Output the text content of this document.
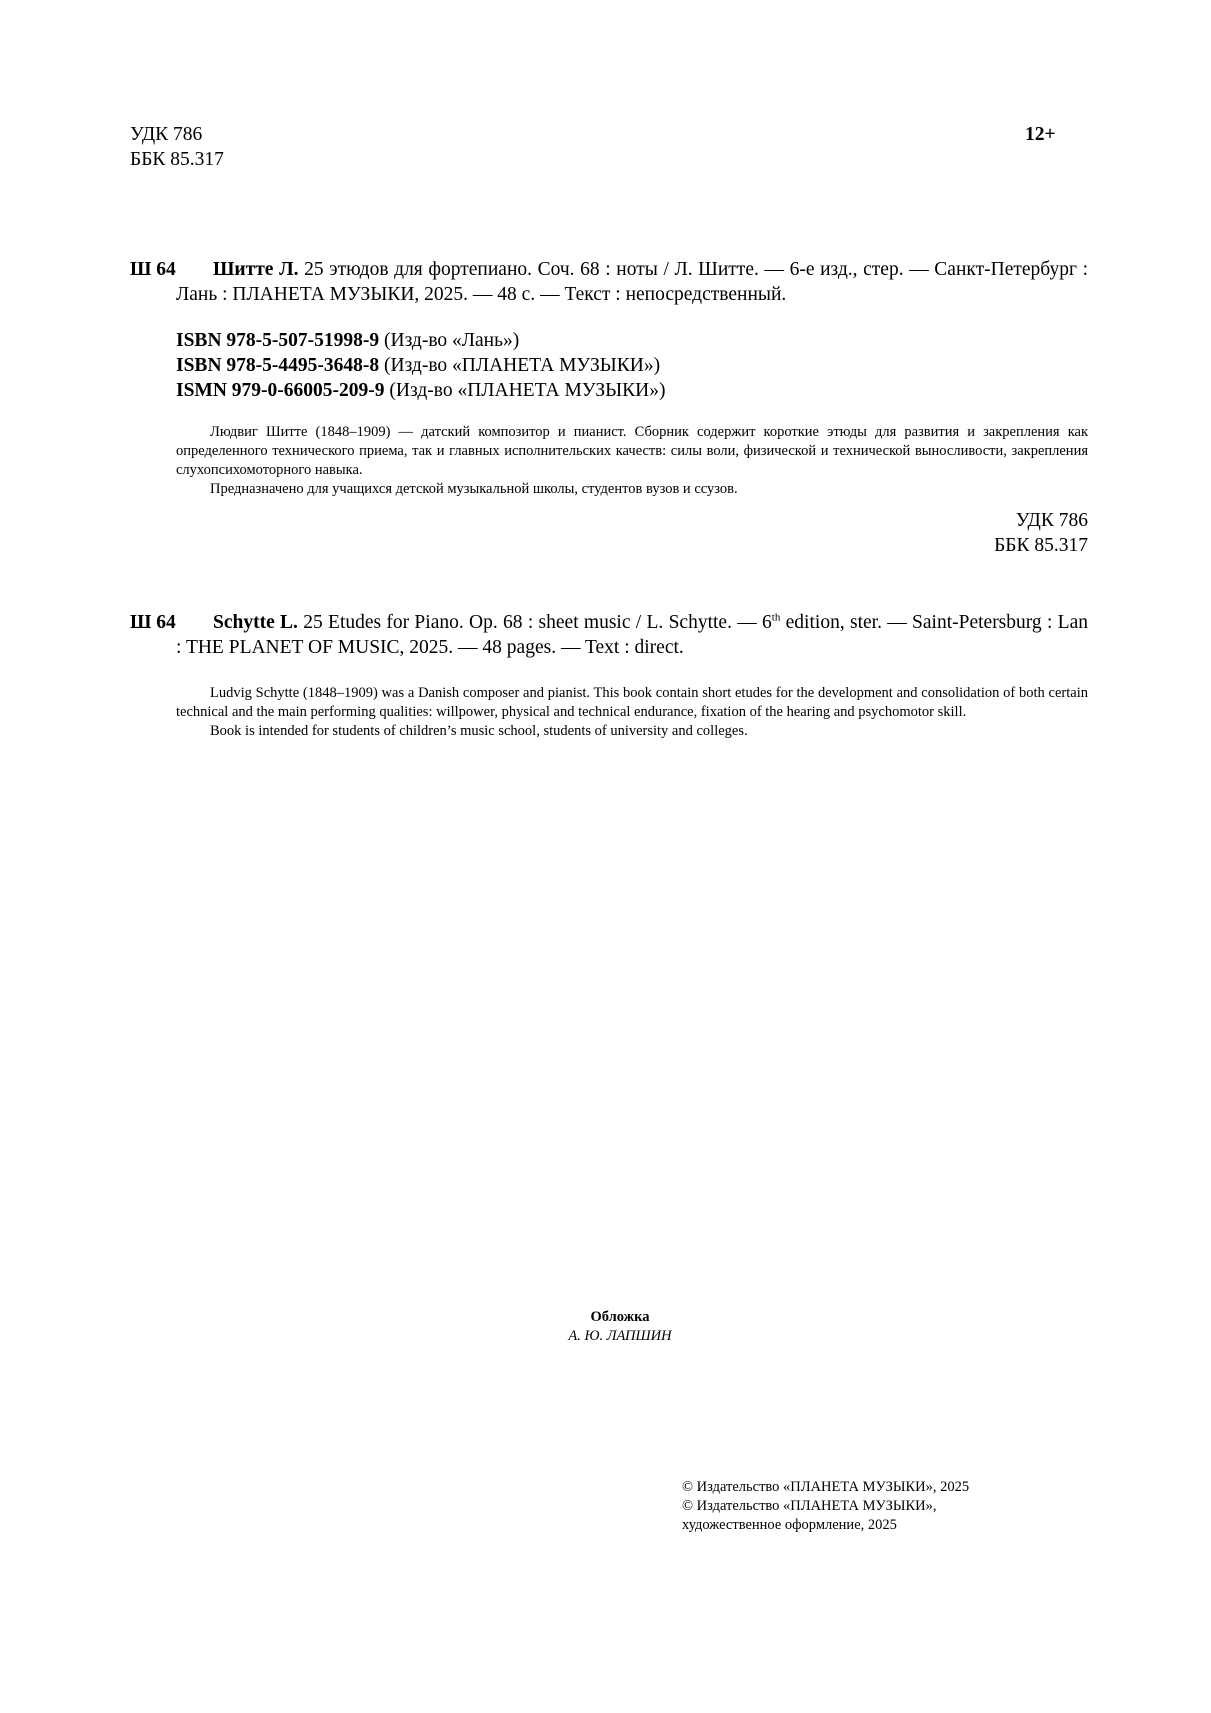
УДК 786
ББК 85.317
12+
Ш 64	Шитте Л. 25 этюдов для фортепиано. Соч. 68 : ноты / Л. Шитте. — 6-е изд., стер. — Санкт-Петербург : Лань : ПЛАНЕТА МУЗЫКИ, 2025. — 48 с. — Текст : непосредственный.
ISBN 978-5-507-51998-9 (Изд-во «Лань»)
ISBN 978-5-4495-3648-8 (Изд-во «ПЛАНЕТА МУЗЫКИ»)
ISMN 979-0-66005-209-9 (Изд-во «ПЛАНЕТА МУЗЫКИ»)

Людвиг Шитте (1848–1909) — датский композитор и пианист. Сборник содержит короткие этюды для развития и закрепления как определенного технического приема, так и главных исполнительских качеств: силы воли, физической и технической выносливости, закрепления слухопсихомоторного навыка.

Предназначено для учащихся детской музыкальной школы, студентов вузов и ссузов.

УДК 786
ББК 85.317
Ш 64	Schytte L. 25 Etudes for Piano. Op. 68 : sheet music / L. Schytte. — 6th edition, ster. — Saint-Petersburg : Lan : THE PLANET OF MUSIC, 2025. — 48 pages. — Text : direct.

Ludvig Schytte (1848–1909) was a Danish composer and pianist. This book contain short etudes for the development and consolidation of both certain technical and the main performing qualities: willpower, physical and technical endurance, fixation of the hearing and psychomotor skill.

Book is intended for students of children’s music school, students of university and colleges.

Обложка
А. Ю. ЛАПШИН
© Издательство «ПЛАНЕТА МУЗЫКИ», 2025
© Издательство «ПЛАНЕТА МУЗЫКИ»,
художественное оформление, 2025
